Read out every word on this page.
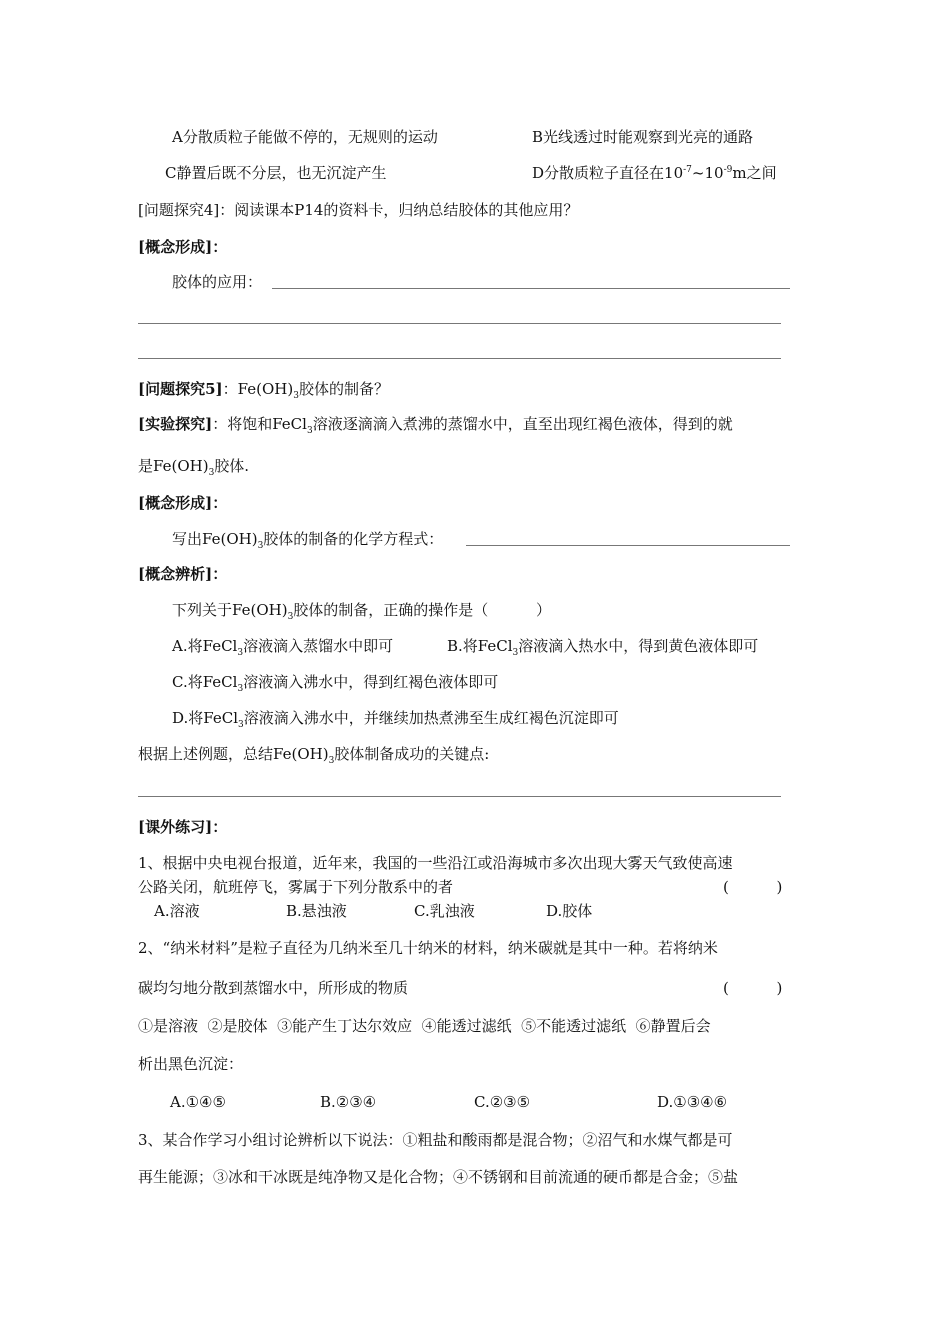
A分散质粒子能做不停的，无规则的运动	B光线透过时能观察到光亮的通路
C静置后既不分层，也无沉淀产生	D分散质粒子直径在$10^{-7}\sim 10^{-9}m$之间
[问题探究4]：阅读课本P14的资料卡，归纳总结胶体的其他应用？
[概念形成]：
胶体的应用：
[问题探究5]：$Fe(OH)_3$胶体的制备？
[实验探究]：将饱和FeCl$_3$溶液逐滴滴入煮沸的蒸馏水中，直至出现红褐色液体，得到的就
是$Fe(OH)_3$胶体.
[概念形成]：
写出$Fe(OH)_3$胶体的制备的化学方程式：
[概念辨析]：
下列关于$Fe(OH)_3$胶体的制备，正确的操作是（          ）
A.将FeCl$_3$溶液滴入蒸馏水中即可	B.将FeCl$_3$溶液滴入热水中，得到黄色液体即可
C.将FeCl$_3$溶液滴入沸水中，得到红褐色液体即可
D.将FeCl$_3$溶液滴入沸水中，并继续加热煮沸至生成红褐色沉淀即可
根据上述例题，总结$Fe(OH)_3$胶体制备成功的关键点:
[课外练习]：
1、根据中央电视台报道，近年来，我国的一些沿江或沿海城市多次出现大雾天气致使高速
公路关闭，航班停飞，雾属于下列分散系中的者	(          )
A.溶液	B.悬浊液	C.乳浊液	D.胶体
2、“纳米材料”是粒子直径为几纳米至几十纳米的材料，纳米碳就是其中一种。若将纳米
碳均匀地分散到蒸馏水中，所形成的物质	(          )
①是溶液  ②是胶体  ③能产生丁达尔效应  ④能透过滤纸  ⑤不能透过滤纸  ⑥静置后会
析出黑色沉淀：
A.①④⑤	B.②③④	C.②③⑤	D.①③④⑥
3、某合作学习小组讨论辨析以下说法：①粗盐和酸雨都是混合物；②沼气和水煤气都是可
再生能源；③冰和干冰既是纯净物又是化合物；④不锈钢和目前流通的硬币都是合金；⑤盐
